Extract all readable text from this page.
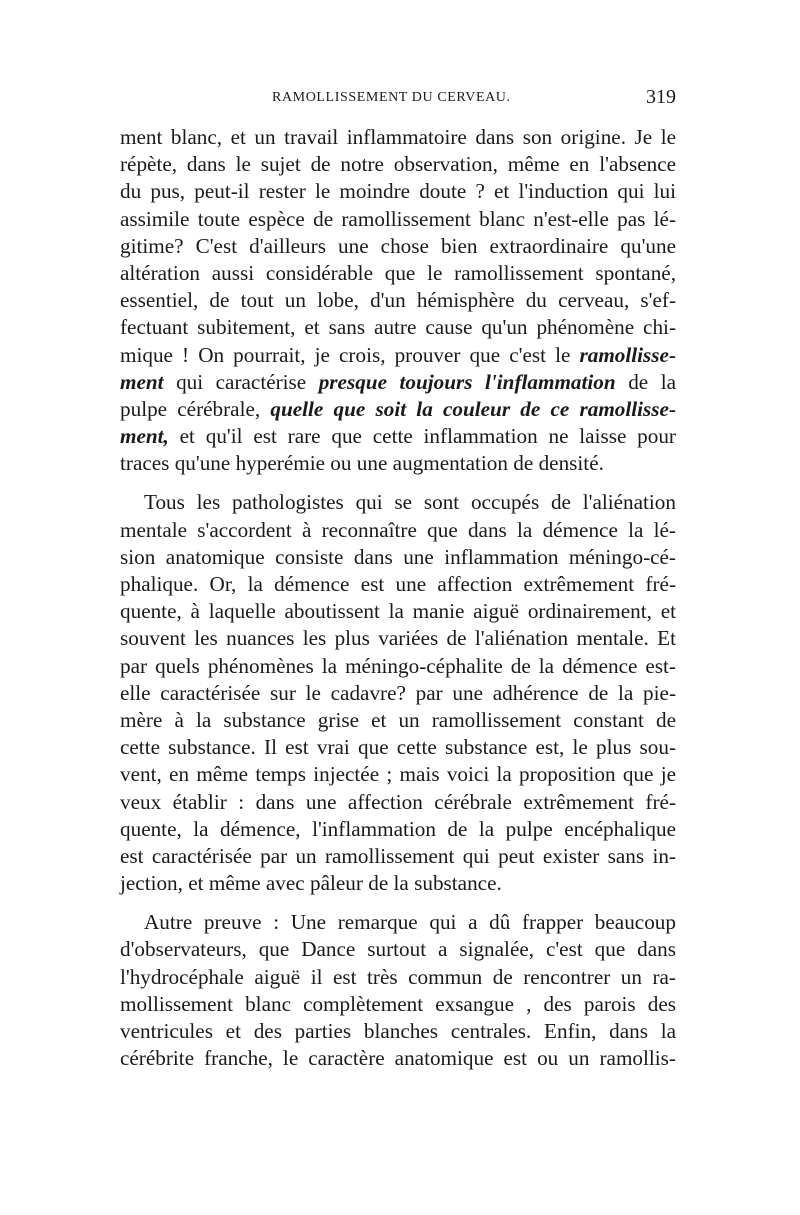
RAMOLLISSEMENT DU CERVEAU.	319

ment blanc, et un travail inflammatoire dans son origine. Je le
répète, dans le sujet de notre observation, même en l'absence
du pus, peut-il rester le moindre doute ? et l'induction qui lui
assimile toute espèce de ramollissement blanc n'est-elle pas lé-
gitime? C'est d'ailleurs une chose bien extraordinaire qu'une
altération aussi considérable que le ramollissement spontané,
essentiel, de tout un lobe, d'un hémisphère du cerveau, s'ef-
fectuant subitement, et sans autre cause qu'un phénomène chi-
mique ! On pourrait, je crois, prouver que c'est le ramollisse-
ment qui caractérise presque toujours l'inflammation de la
pulpe cérébrale, quelle que soit la couleur de ce ramollisse-
ment, et qu'il est rare que cette inflammation ne laisse pour
traces qu'une hyperémie ou une augmentation de densité.

Tous les pathologistes qui se sont occupés de l'aliénation
mentale s'accordent à reconnaître que dans la démence la lé-
sion anatomique consiste dans une inflammation méningo-cé-
phalique. Or, la démence est une affection extrêmement fré-
quente, à laquelle aboutissent la manie aiguë ordinairement, et
souvent les nuances les plus variées de l'aliénation mentale. Et
par quels phénomènes la méningo-céphalite de la démence est-
elle caractérisée sur le cadavre? par une adhérence de la pie-
mère à la substance grise et un ramollissement constant de
cette substance. Il est vrai que cette substance est, le plus sou-
vent, en même temps injectée ; mais voici la proposition que je
veux établir : dans une affection cérébrale extrêmement fré-
quente, la démence, l'inflammation de la pulpe encéphalique
est caractérisée par un ramollissement qui peut exister sans in-
jection, et même avec pâleur de la substance.

Autre preuve : Une remarque qui a dû frapper beaucoup
d'observateurs, que Dance surtout a signalée, c'est que dans
l'hydrocéphale aiguë il est très commun de rencontrer un ra-
mollissement blanc complètement exsangue , des parois des
ventricules et des parties blanches centrales. Enfin, dans la
cérébrite franche, le caractère anatomique est ou un ramollis-
